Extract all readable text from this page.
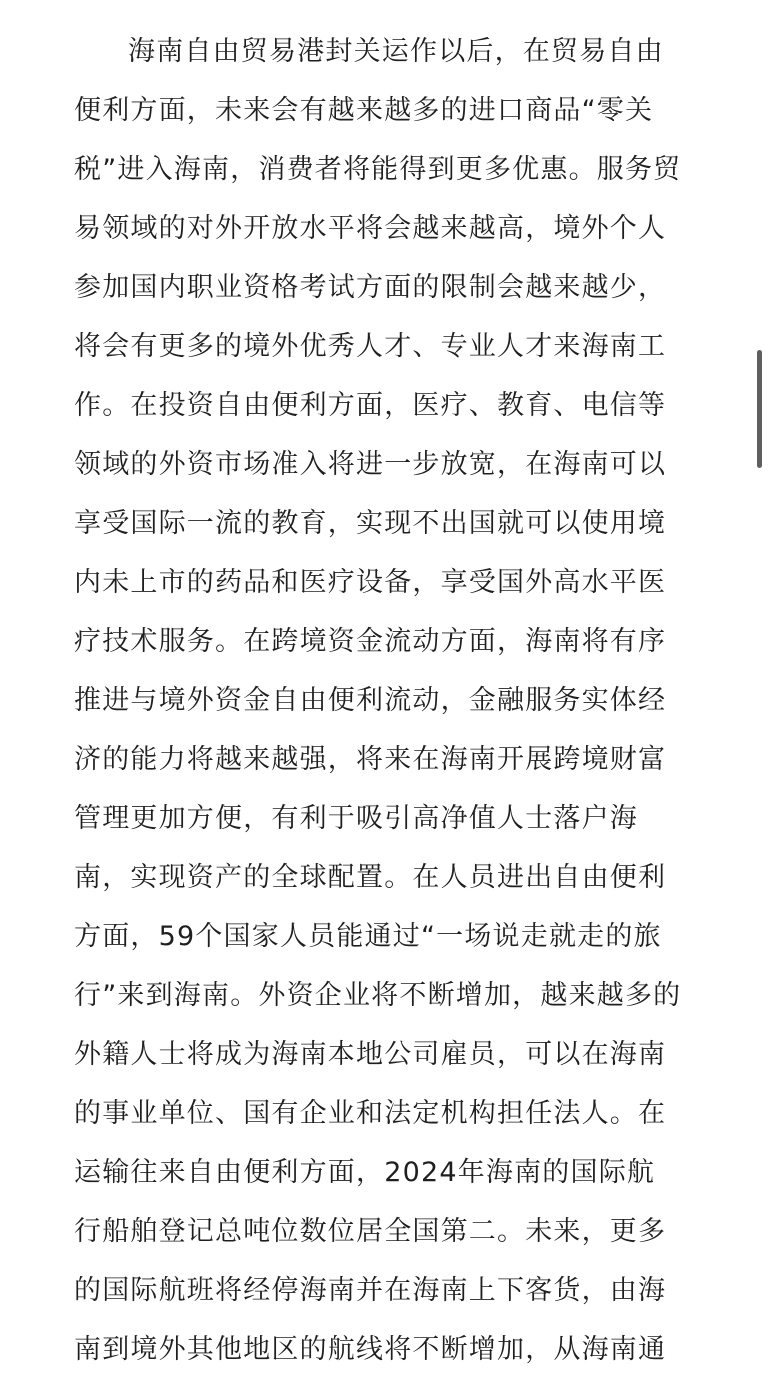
海南自由贸易港封关运作以后，在贸易自由

便利方面，未来会有越来越多的进口商品“零关

税”进入海南，消费者将能得到更多优惠。服务贸

易领域的对外开放水平将会越来越高，境外个人

参加国内职业资格考试方面的限制会越来越少，

将会有更多的境外优秀人才、专业人才来海南工

作。在投资自由便利方面，医疗、教育、电信等

领域的外资市场准入将进一步放宽，在海南可以

享受国际一流的教育，实现不出国就可以使用境

内未上市的药品和医疗设备，享受国外高水平医

疗技术服务。在跨境资金流动方面，海南将有序

推进与境外资金自由便利流动，金融服务实体经

济的能力将越来越强，将来在海南开展跨境财富

管理更加方便，有利于吸引高净值人士落户海

南，实现资产的全球配置。在人员进出自由便利

方面，59个国家人员能通过“一场说走就走的旅

行”来到海南。外资企业将不断增加，越来越多的

外籍人士将成为海南本地公司雇员，可以在海南

的事业单位、国有企业和法定机构担任法人。在

运输往来自由便利方面，2024年海南的国际航

行船舶登记总吨位数位居全国第二。未来，更多

的国际航班将经停海南并在海南上下客货，由海

南到境外其他地区的航线将不断增加，从海南通
